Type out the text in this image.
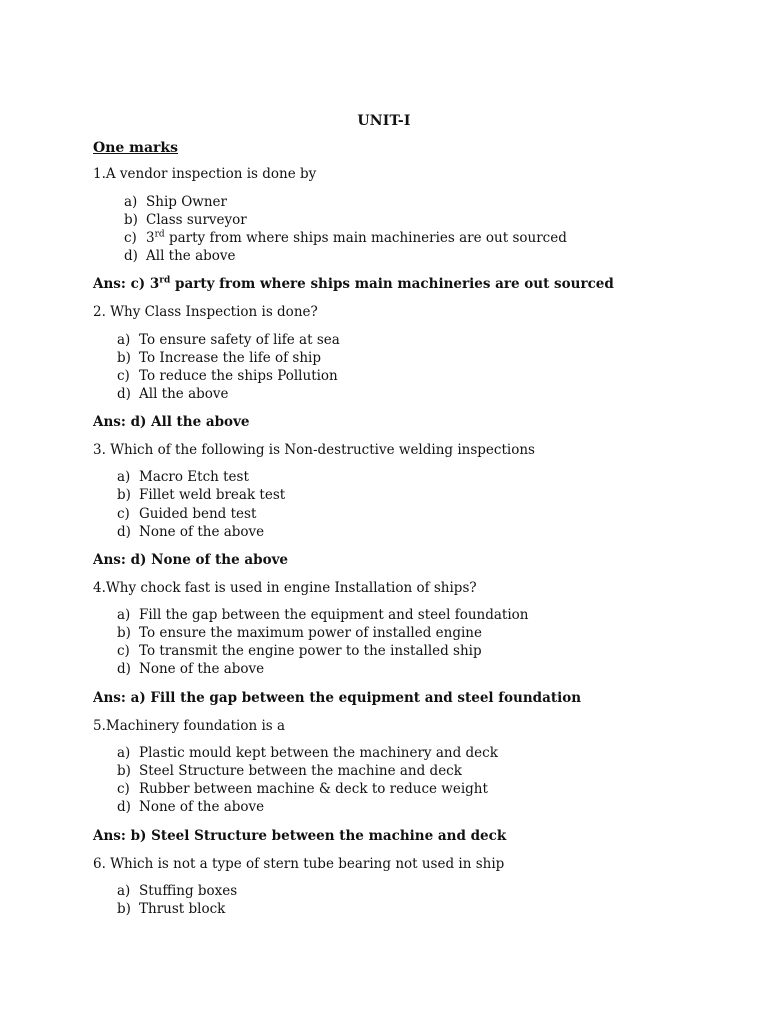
UNIT-I
One marks
1.A vendor inspection is done by
a) Ship Owner
b) Class surveyor
c) 3rd party from where ships main machineries are out sourced
d) All the above
Ans: c) 3rd party from where ships main machineries are out sourced
2. Why Class Inspection is done?
a) To ensure safety of life at sea
b) To Increase the life of ship
c) To reduce the ships Pollution
d) All the above
Ans: d) All the above
3. Which of the following is Non-destructive welding inspections
a) Macro Etch test
b) Fillet weld break test
c) Guided bend test
d) None of the above
Ans: d) None of the above
4.Why chock fast is used in engine Installation of ships?
a) Fill the gap between the equipment and steel foundation
b) To ensure the maximum power of installed engine
c) To transmit the engine power to the installed ship
d) None of the above
Ans: a) Fill the gap between the equipment and steel foundation
5.Machinery foundation is a
a) Plastic mould kept between the machinery and deck
b) Steel Structure between the machine and deck
c) Rubber between machine & deck to reduce weight
d) None of the above
Ans: b) Steel Structure between the machine and deck
6. Which is not a type of stern tube bearing not used in ship
a) Stuffing boxes
b) Thrust block
